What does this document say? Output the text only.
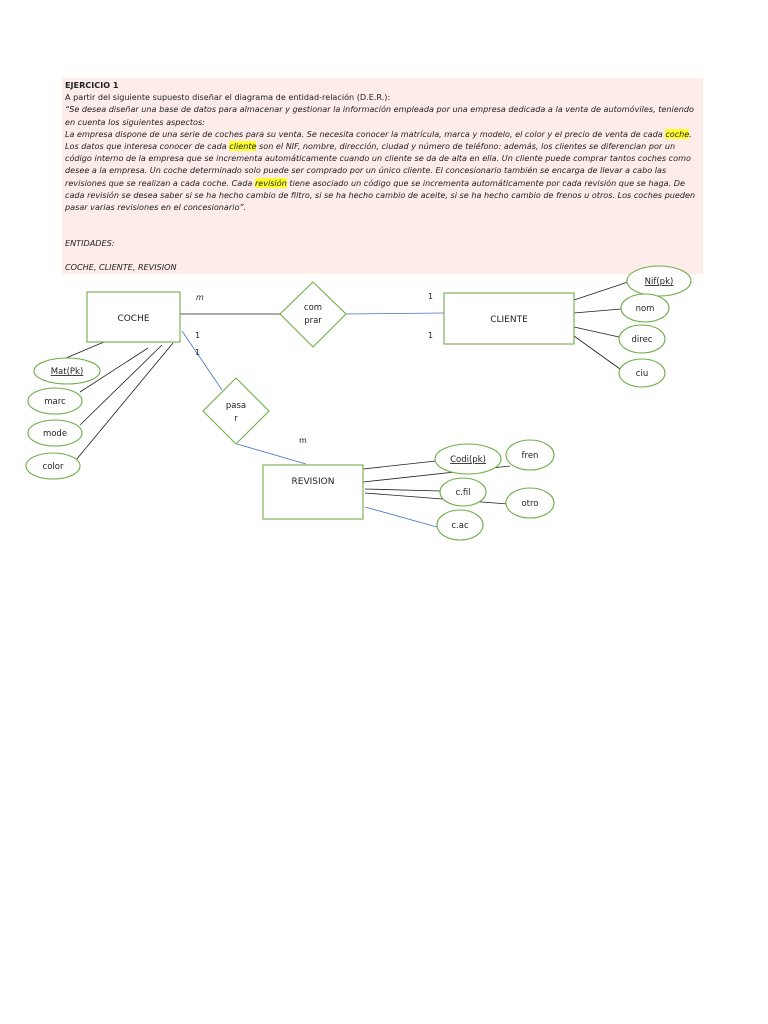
EJERCICIO 1

A partir del siguiente supuesto diseñar el diagrama de entidad-relación (D.E.R.):

“Se desea diseñar una base de datos para almacenar y gestionar la información empleada por una empresa dedicada a la venta de automóviles, teniendo en cuenta los siguientes aspectos:

La empresa dispone de una serie de coches para su venta. Se necesita conocer la matrícula, marca y modelo, el color y el precio de venta de cada coche.

Los datos que interesa conocer de cada cliente son el NIF, nombre, dirección, ciudad y número de teléfono: además, los clientes se diferencian por un código interno de la empresa que se incrementa automáticamente cuando un cliente se da de alta en ella. Un cliente puede comprar tantos coches como desee a la empresa. Un coche determinado solo puede ser comprado por un único cliente. El concesionario también se encarga de llevar a cabo las revisiones que se realizan a cada coche. Cada revisión tiene asociado un código que se incrementa automáticamente por cada revisión que se haga. De cada revisión se desea saber si se ha hecho cambio de filtro, si se ha hecho cambio de aceite, si se ha hecho cambio de frenos u otros. Los coches pueden pasar varias revisiones en el concesionario”.

ENTIDADES:

COCHE, CLIENTE, REVISION

COCHE	CLIENTE
REVISION
com
prar
pasa
r
m	1
1
1
1
m
Mat(Pk)
marc
mode
color
Nif(pk)
nom
direc
ciu
Codi(pk)	fren
c.fil
otro
c.ac
